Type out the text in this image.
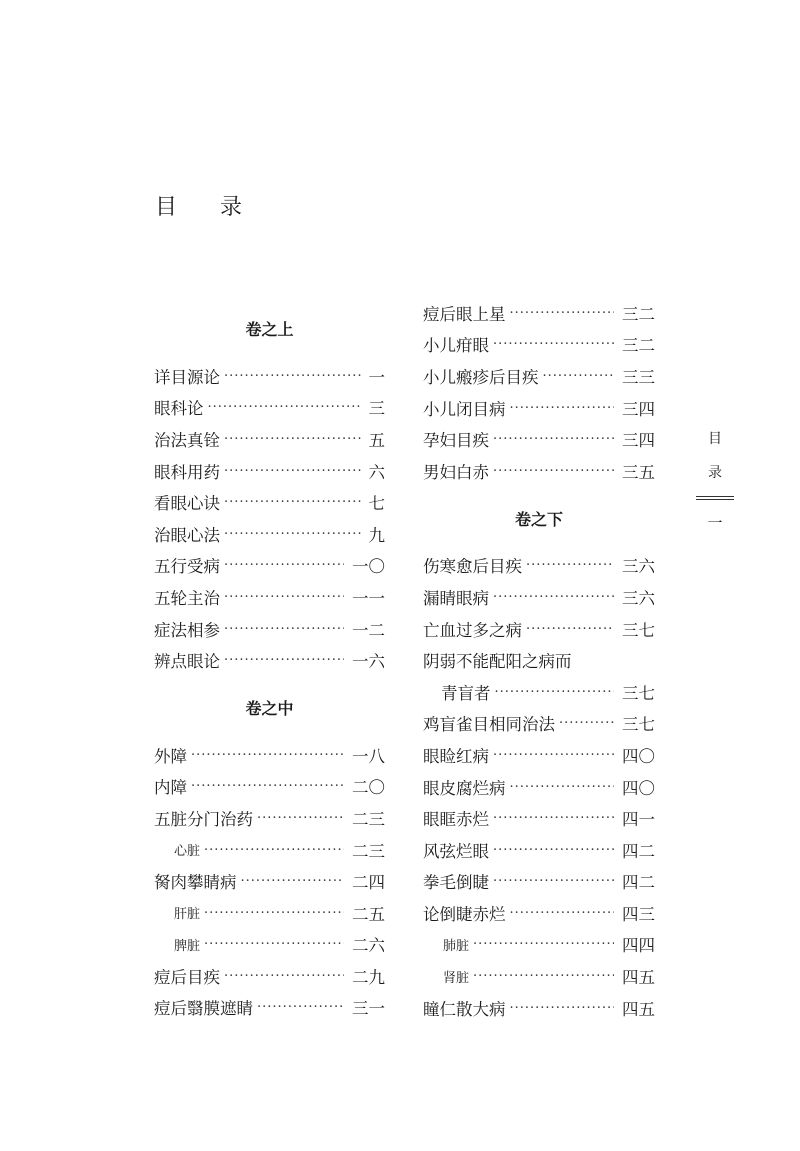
目 录
卷之上
详目源论 ·····	一
眼科论 ·····	三
治法真铨 ·····	五
眼科用药 ·····	六
看眼心诀 ·····	七
治眼心法 ·····	九
五行受病 ·····	一〇
五轮主治 ·····	一一
症法相参 ·····	一二
辨点眼论 ·····	一六
卷之中
外障 ·····	一八
内障 ·····	二〇
五脏分门治药 ·····	二三
心脏 ·····	二三
胬肉攀睛病 ·····	二四
肝脏 ·····	二五
脾脏 ·····	二六
痘后目疾 ·····	二九
痘后翳膜遮睛 ·····	三一
痘后眼上星 ·····	三二
小儿疳眼 ·····	三二
小儿瘢疹后目疾 ·····	三三
小儿闭目病 ·····	三四
孕妇目疾 ·····	三四
男妇白赤 ·····	三五
卷之下
伤寒愈后目疾 ·····	三六
漏睛眼病 ·····	三六
亡血过多之病 ·····	三七
阴弱不能配阳之病而
青盲者 ·····	三七
鸡盲雀目相同治法 ·····	三七
眼睑红病 ·····	四〇
眼皮腐烂病 ·····	四〇
眼眶赤烂 ·····	四一
风弦烂眼 ·····	四二
拳毛倒睫 ·····	四二
论倒睫赤烂 ·····	四三
肺脏 ·····	四四
肾脏 ·····	四五
瞳仁散大病 ·····	四五
目
录
一
